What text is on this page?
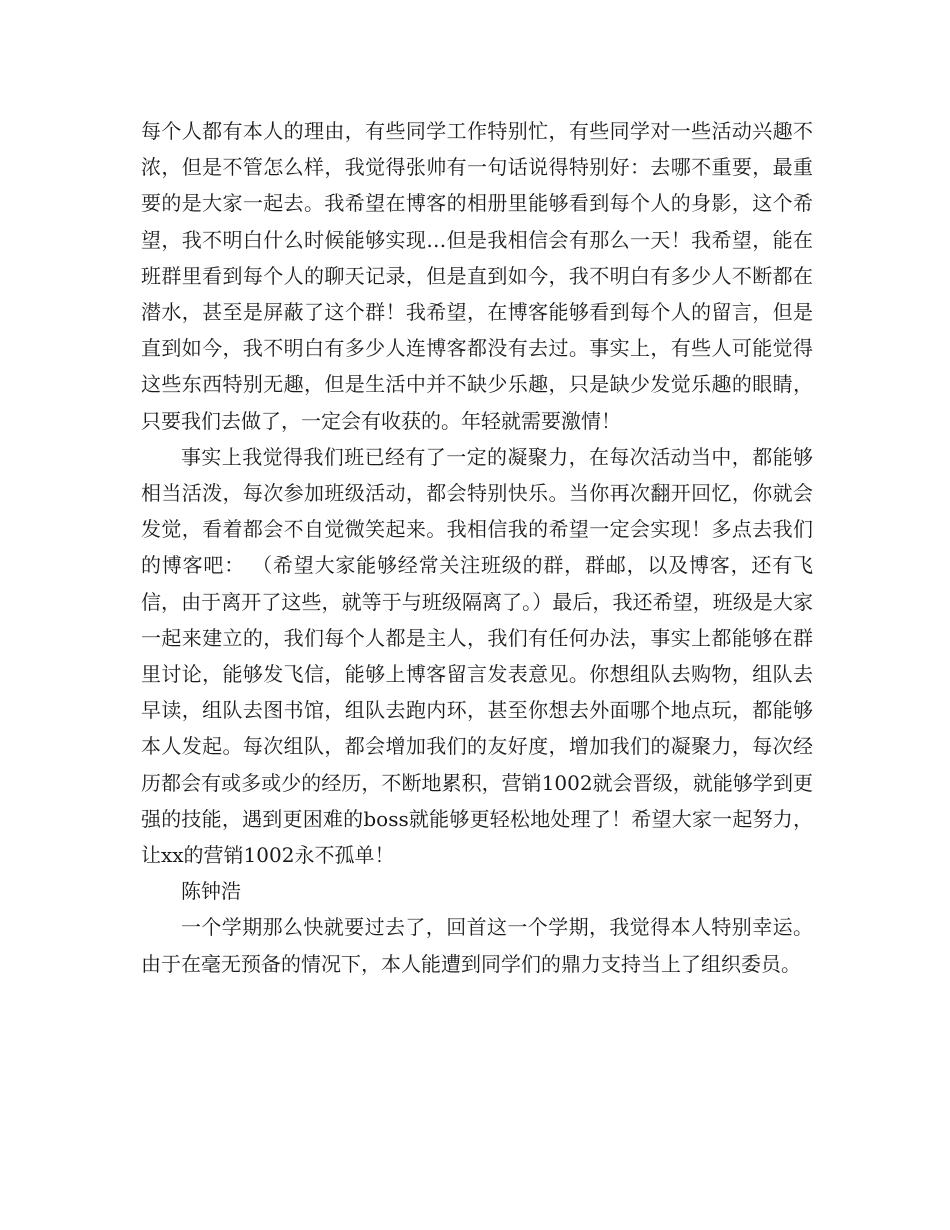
每个人都有本人的理由，有些同学工作特别忙，有些同学对一些活动兴趣不浓，但是不管怎么样，我觉得张帅有一句话说得特别好：去哪不重要，最重要的是大家一起去。我希望在博客的相册里能够看到每个人的身影，这个希望，我不明白什么时候能够实现…但是我相信会有那么一天！我希望，能在班群里看到每个人的聊天记录，但是直到如今，我不明白有多少人不断都在潜水，甚至是屏蔽了这个群！我希望，在博客能够看到每个人的留言，但是直到如今，我不明白有多少人连博客都没有去过。事实上，有些人可能觉得这些东西特别无趣，但是生活中并不缺少乐趣，只是缺少发觉乐趣的眼睛，只要我们去做了，一定会有收获的。年轻就需要激情！

事实上我觉得我们班已经有了一定的凝聚力，在每次活动当中，都能够相当活泼，每次参加班级活动，都会特别快乐。当你再次翻开回忆，你就会发觉，看着都会不自觉微笑起来。我相信我的希望一定会实现！多点去我们的博客吧： （希望大家能够经常关注班级的群，群邮，以及博客，还有飞信，由于离开了这些，就等于与班级隔离了。）最后，我还希望，班级是大家一起来建立的，我们每个人都是主人，我们有任何办法，事实上都能够在群里讨论，能够发飞信，能够上博客留言发表意见。你想组队去购物，组队去早读，组队去图书馆，组队去跑内环，甚至你想去外面哪个地点玩，都能够本人发起。每次组队，都会增加我们的友好度，增加我们的凝聚力，每次经历都会有或多或少的经历，不断地累积，营销1002就会晋级，就能够学到更强的技能，遇到更困难的boss就能够更轻松地处理了！希望大家一起努力，让xx的营销1002永不孤单！

陈钟浩

一个学期那么快就要过去了，回首这一个学期，我觉得本人特别幸运。由于在毫无预备的情况下，本人能遭到同学们的鼎力支持当上了组织委员。
